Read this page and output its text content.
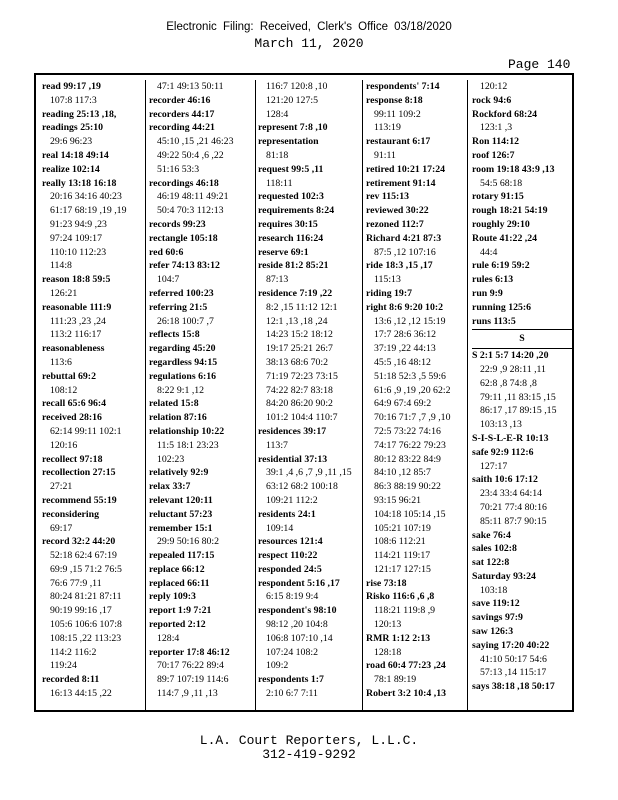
Electronic Filing: Received, Clerk's Office 03/18/2020
March 11, 2020
Page 140

read 99:17 ,19

107:8 117:3

reading 25:13 ,18,

readings 25:10

29:6 96:23

real 14:18 49:14

realize 102:14

really 13:18 16:18

20:16 34:16 40:23

61:17 68:19 ,19 ,19

91:23 94:9 ,23

97:24 109:17

110:10 112:23

114:8

reason 18:8 59:5

126:21

reasonable 111:9

111:23 ,23 ,24

113:2 116:17

reasonableness

113:6

rebuttal 69:2

108:12

recall 65:6 96:4

received 28:16

62:14 99:11 102:1

120:16

recollect 97:18

recollection 27:15

27:21

recommend 55:19

reconsidering

69:17

record 32:2 44:20

52:18 62:4 67:19

69:9 ,15 71:2 76:5

76:6 77:9 ,11

80:24 81:21 87:11

90:19 99:16 ,17

105:6 106:6 107:8

108:15 ,22 113:23

114:2 116:2

119:24

recorded 8:11

16:13 44:15 ,22

47:1 49:13 50:11

recorder 46:16

recorders 44:17

recording 44:21

45:10 ,15 ,21 46:23

49:22 50:4 ,6 ,22

51:16 53:3

recordings 46:18

46:19 48:11 49:21

50:4 70:3 112:13

records 99:23

rectangle 105:18

red 60:6

refer 74:13 83:12

104:7

referred 100:23

referring 21:5

26:18 100:7 ,7

reflects 15:8

regarding 45:20

regardless 94:15

regulations 6:16

8:22 9:1 ,12

related 15:8

relation 87:16

relationship 10:22

11:5 18:1 23:23

102:23

relatively 92:9

relax 33:7

relevant 120:11

reluctant 57:23

remember 15:1

29:9 50:16 80:2

repealed 117:15

replace 66:12

replaced 66:11

reply 109:3

report 1:9 7:21

reported 2:12

128:4

reporter 17:8 46:12

70:17 76:22 89:4

89:7 107:19 114:6

114:7 ,9 ,11 ,13

116:7 120:8 ,10

121:20 127:5

128:4

represent 7:8 ,10

representation

81:18

request 99:5 ,11

118:11

requested 102:3

requirements 8:24

requires 30:15

research 116:24

reserve 69:1

reside 81:2 85:21

87:13

residence 7:19 ,22

8:2 ,15 11:12 12:1

12:1 ,13 ,18 ,24

14:23 15:2 18:12

19:17 25:21 26:7

38:13 68:6 70:2

71:19 72:23 73:15

74:22 82:7 83:18

84:20 86:20 90:2

101:2 104:4 110:7

residences 39:17

113:7

residential 37:13

39:1 ,4 ,6 ,7 ,9 ,11 ,15

63:12 68:2 100:18

109:21 112:2

residents 24:1

109:14

resources 121:4

respect 110:22

responded 24:5

respondent 5:16 ,17

6:15 8:19 9:4

respondent's 98:10

98:12 ,20 104:8

106:8 107:10 ,14

107:24 108:2

109:2

respondents 1:7

2:10 6:7 7:11

respondents' 7:14

response 8:18

99:11 109:2

113:19

restaurant 6:17

91:11

retired 10:21 17:24

retirement 91:14

rev 115:13

reviewed 30:22

rezoned 112:7

Richard 4:21 87:3

87:5 ,12 107:16

ride 18:3 ,15 ,17

115:13

riding 19:7

right 8:6 9:20 10:2

13:6 ,12 ,12 15:19

17:7 28:6 36:12

37:19 ,22 44:13

45:5 ,16 48:12

51:18 52:3 ,5 59:6

61:6 ,9 ,19 ,20 62:2

64:9 67:4 69:2

70:16 71:7 ,7 ,9 ,10

72:5 73:22 74:16

74:17 76:22 79:23

80:12 83:22 84:9

84:10 ,12 85:7

86:3 88:19 90:22

93:15 96:21

104:18 105:14 ,15

105:21 107:19

108:6 112:21

114:21 119:17

121:17 127:15

rise 73:18

Risko 116:6 ,6 ,8

118:21 119:8 ,9

120:13

RMR 1:12 2:13

128:18

road 60:4 77:23 ,24

78:1 89:19

Robert 3:2 10:4 ,13

120:12

rock 94:6

Rockford 68:24

123:1 ,3

Ron 114:12

roof 126:7

room 19:18 43:9 ,13

54:5 68:18

rotary 91:15

rough 18:21 54:19

roughly 29:10

Route 41:22 ,24

44:4

rule 6:19 59:2

rules 6:13

run 9:9

running 125:6

runs 113:5

S

S 2:1 5:7 14:20 ,20

22:9 ,9 28:11 ,11

62:8 ,8 74:8 ,8

79:11 ,11 83:15 ,15

86:17 ,17 89:15 ,15

103:13 ,13

S-I-S-L-E-R 10:13

safe 92:9 112:6

127:17

saith 10:6 17:12

23:4 33:4 64:14

70:21 77:4 80:16

85:11 87:7 90:15

sake 76:4

sales 102:8

sat 122:8

Saturday 93:24

103:18

save 119:12

savings 97:9

saw 126:3

saying 17:20 40:22

41:10 50:17 54:6

57:13 ,14 115:17

says 38:18 ,18 50:17

L.A. Court Reporters, L.L.C.
312-419-9292
